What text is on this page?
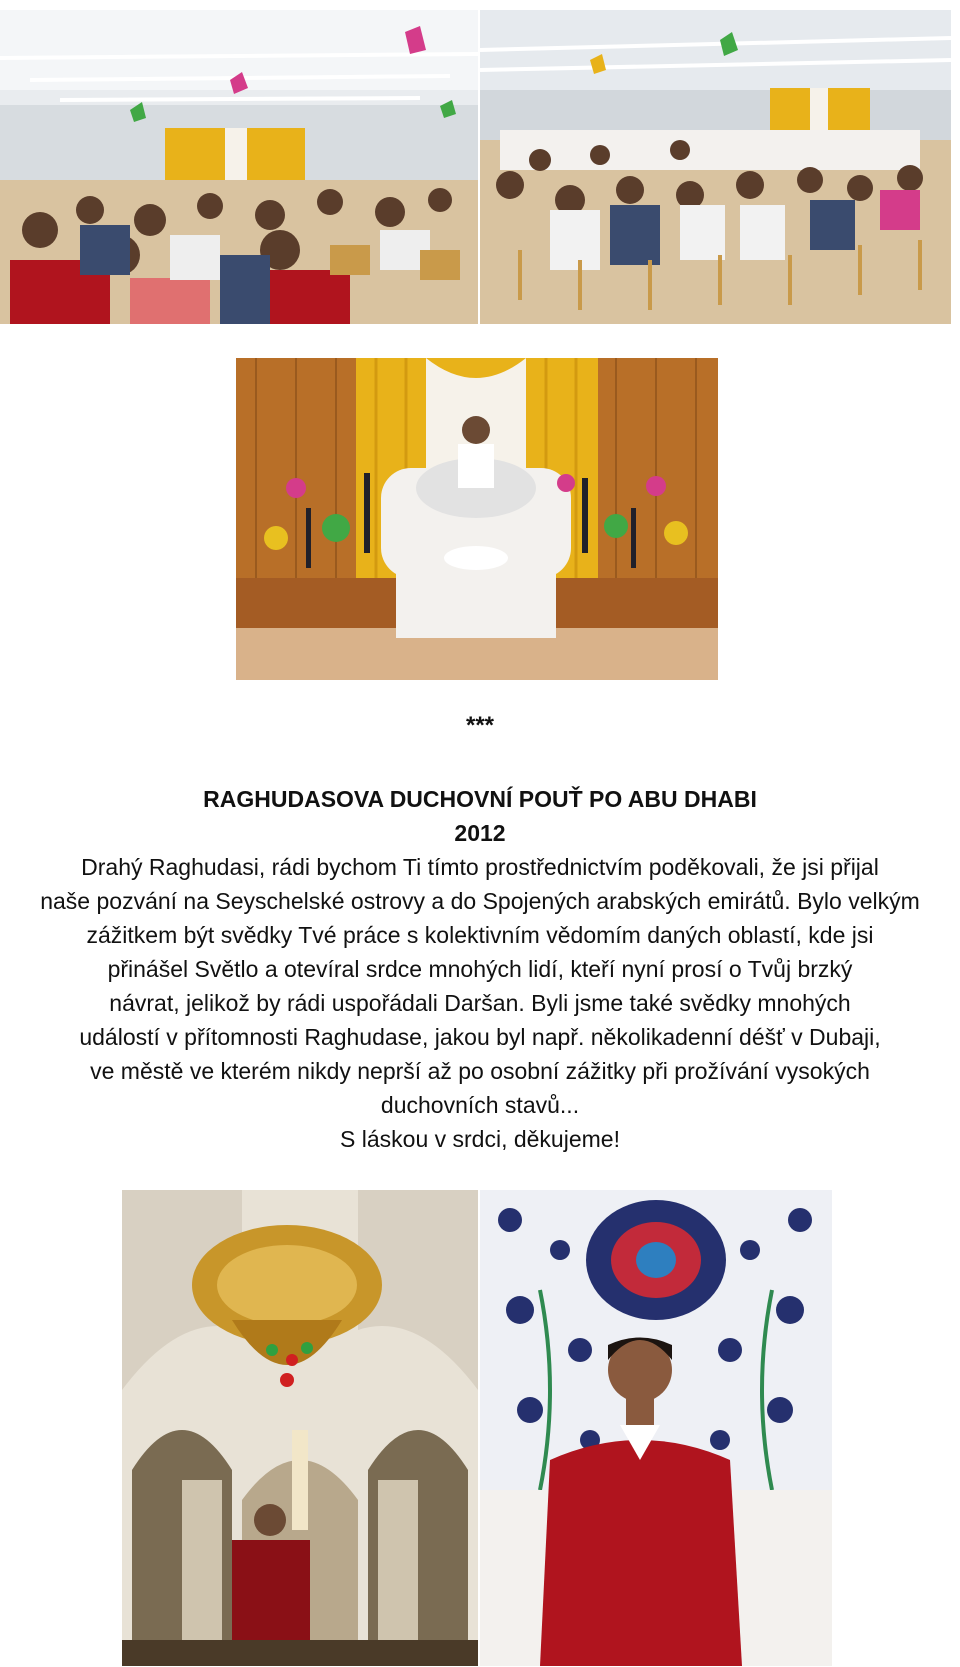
***

RAGHUDASOVA DUCHOVNÍ POUŤ PO ABU DHABI

2012

Drahý Raghudasi, rádi bychom Ti tímto prostřednictvím poděkovali, že jsi přijal

naše pozvání na Seyschelské ostrovy a do Spojených arabských emirátů. Bylo velkým

zážitkem být svědky Tvé práce s kolektivním vědomím daných oblastí, kde jsi

přinášel Světlo a otevíral srdce mnohých lidí, kteří nyní prosí o Tvůj brzký

návrat, jelikož by rádi uspořádali Daršan. Byli jsme také svědky mnohých

událostí v přítomnosti Raghudase, jakou byl např. několikadenní déšť v Dubaji,

ve městě ve kterém nikdy neprší až po osobní zážitky při prožívání vysokých

duchovních stavů...

S láskou v srdci, děkujeme!
